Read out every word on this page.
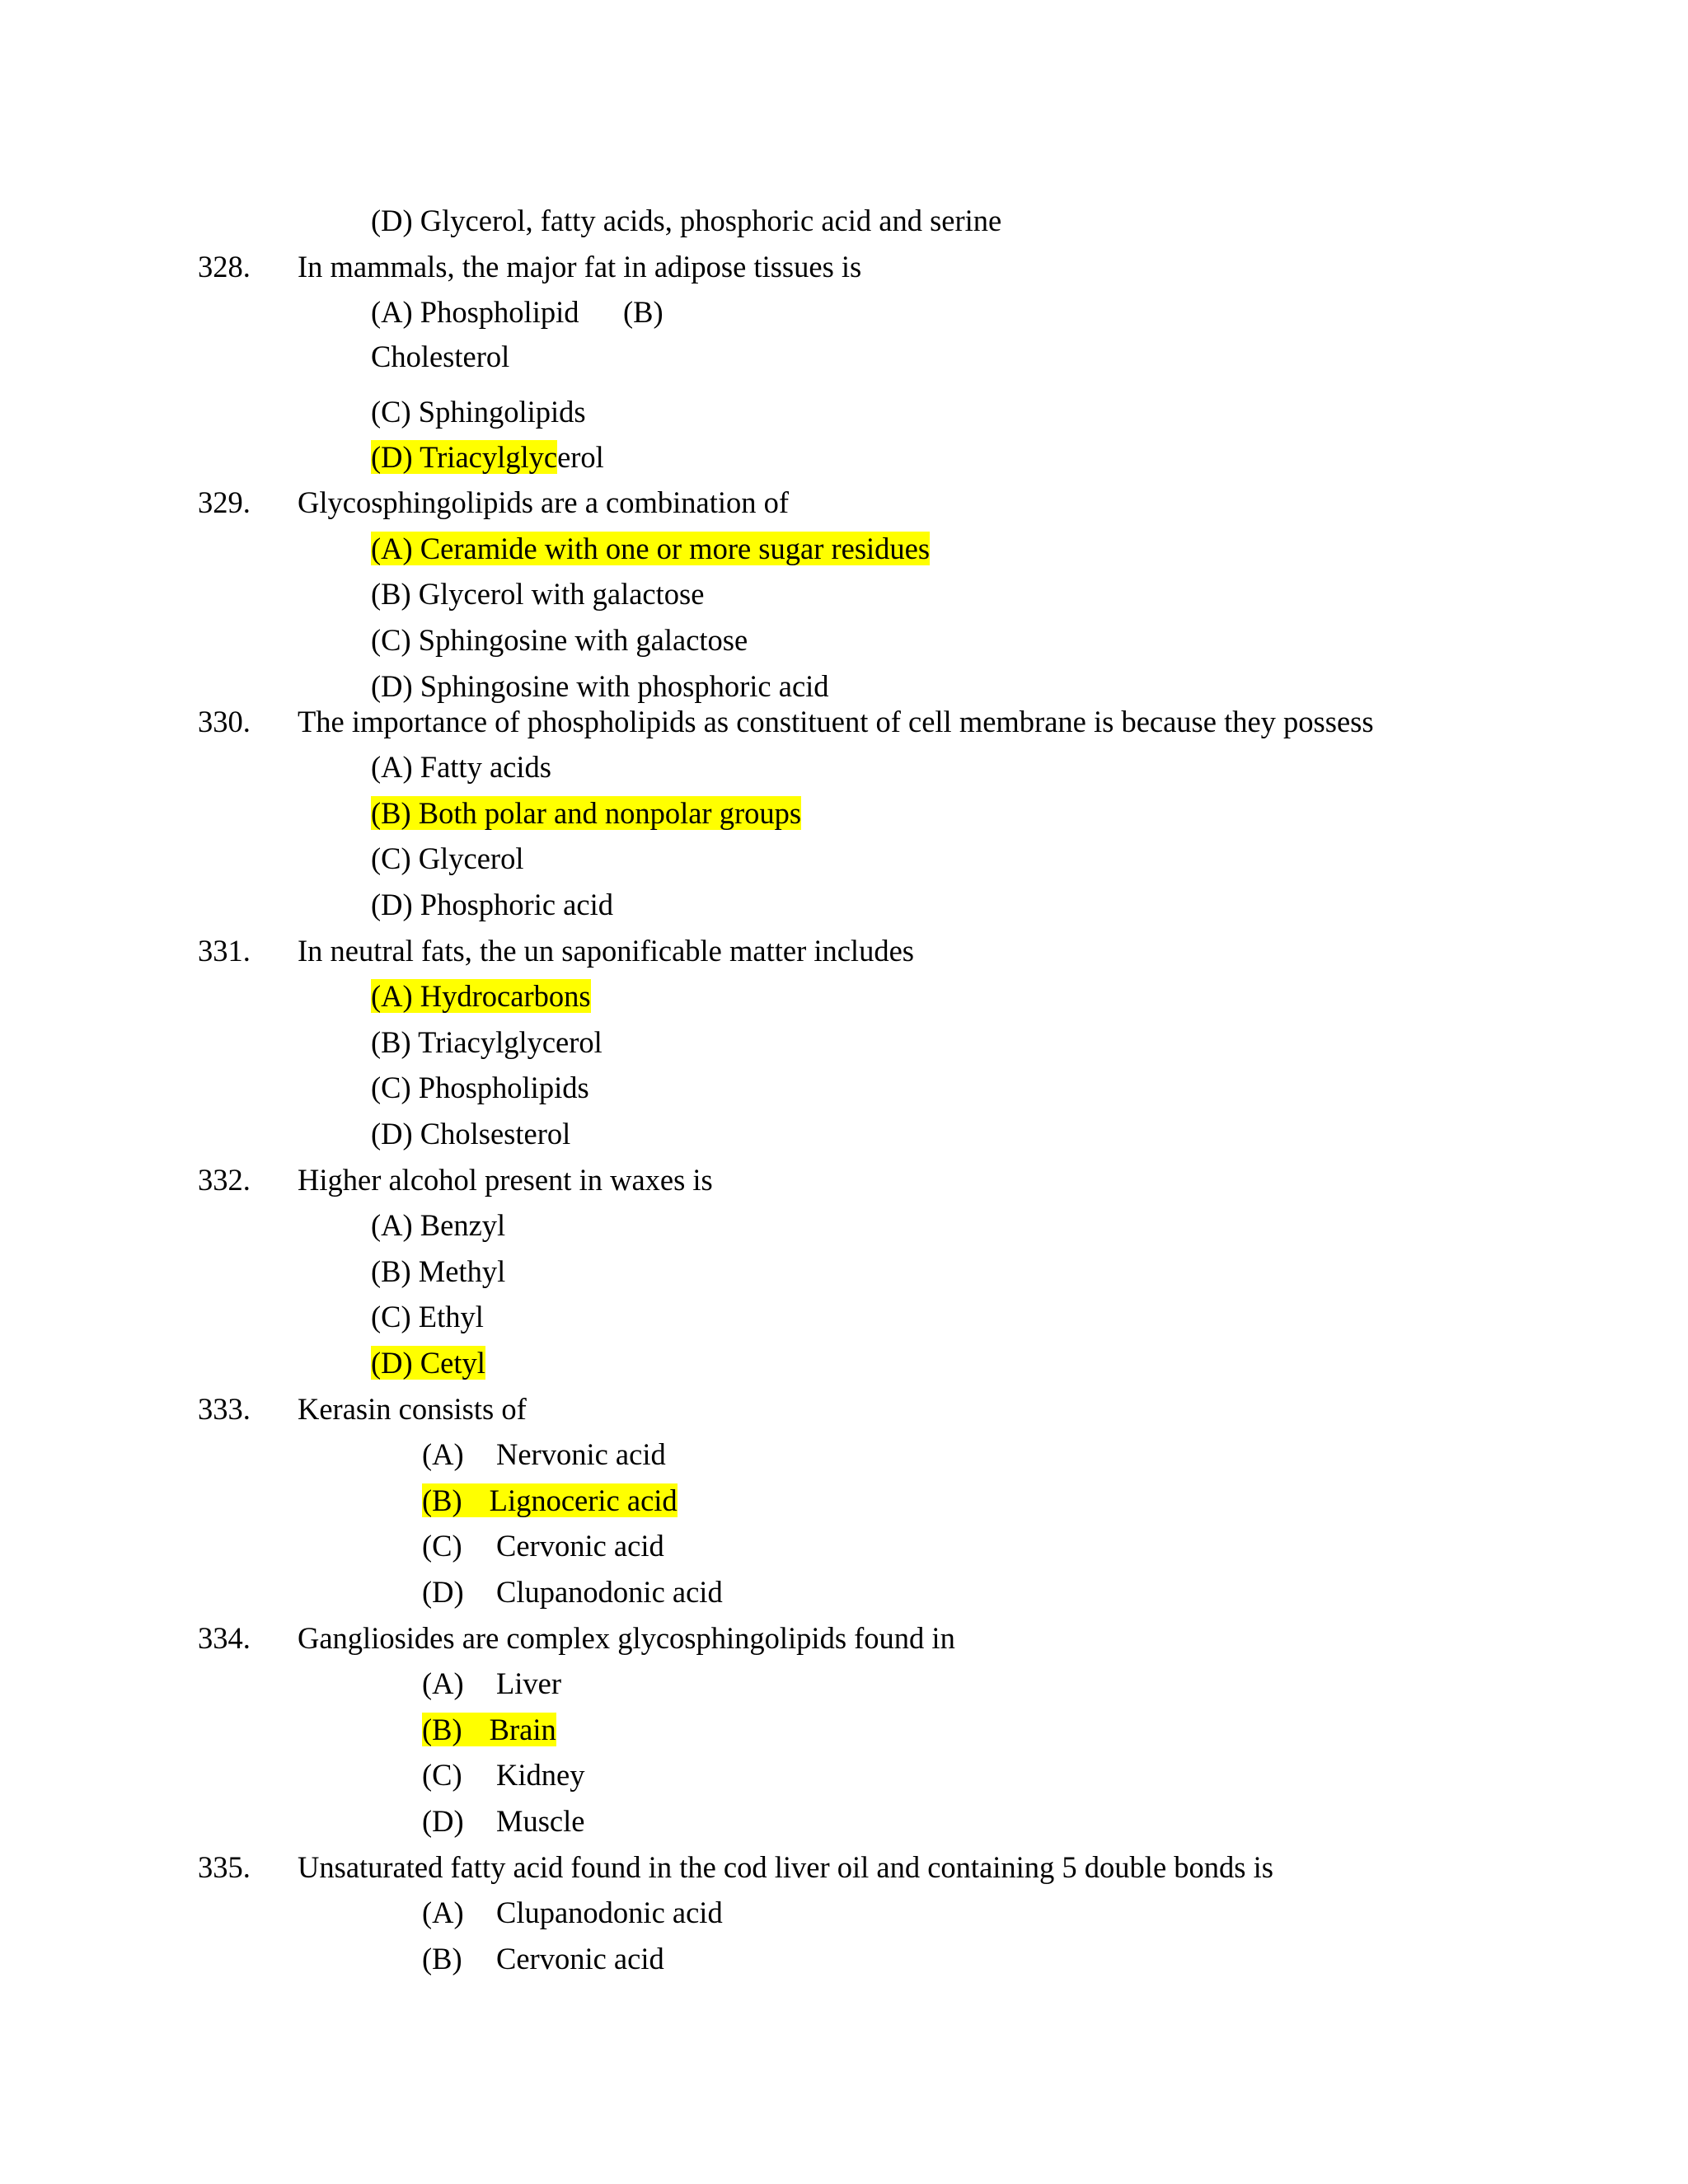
(D) Glycerol, fatty acids, phosphoric acid and serine
328. In mammals, the major fat in adipose tissues is
(A) Phospholipid (B)
Cholesterol
(C) Sphingolipids
(D) Triacylglycerol
329. Glycosphingolipids are a combination of
(A) Ceramide with one or more sugar residues
(B) Glycerol with galactose
(C) Sphingosine with galactose
(D) Sphingosine with phosphoric acid
330. The importance of phospholipids as constituent of cell membrane is because they possess
(A) Fatty acids
(B) Both polar and nonpolar groups
(C) Glycerol
(D) Phosphoric acid
331. In neutral fats, the un saponificable matter includes
(A) Hydrocarbons
(B) Triacylglycerol
(C) Phospholipids
(D) Cholsesterol
332. Higher alcohol present in waxes is
(A) Benzyl
(B) Methyl
(C) Ethyl
(D) Cetyl
333. Kerasin consists of
(A) Nervonic acid
(B) Lignoceric acid
(C) Cervonic acid
(D) Clupanodonic acid
334. Gangliosides are complex glycosphingolipids found in
(A) Liver
(B) Brain
(C) Kidney
(D) Muscle
335. Unsaturated fatty acid found in the cod liver oil and containing 5 double bonds is
(A) Clupanodonic acid
(B) Cervonic acid
